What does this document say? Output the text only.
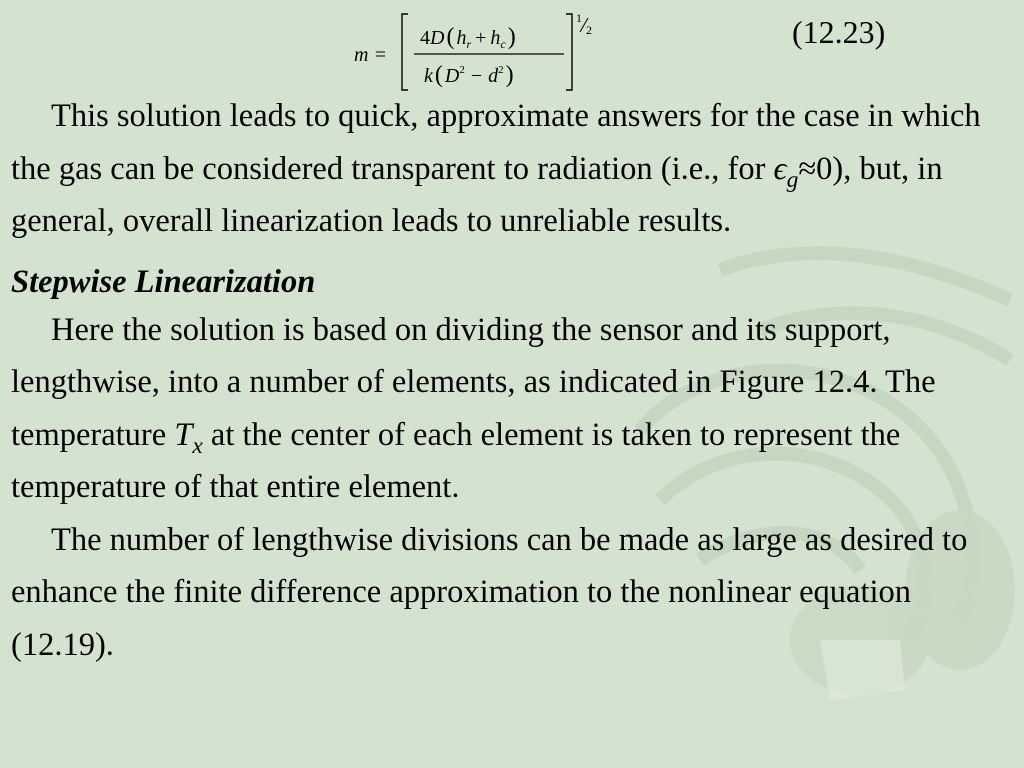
m =
4D( $h_r + h_c$)
k( $D^2 - d^2$)
1
2	(12.23)

This solution leads to quick, approximate answers for the case in which the gas can be considered transparent to radiation (i.e., for $\epsilon_g\approx 0$), but, in general, overall linearization leads to unreliable results.

Stepwise Linearization

Here the solution is based on dividing the sensor and its support, lengthwise, into a number of elements, as indicated in Figure 12.4. The temperature $T_x$ at the center of each element is taken to represent the temperature of that entire element.

The number of lengthwise divisions can be made as large as desired to enhance the finite difference approximation to the nonlinear equation (12.19).
